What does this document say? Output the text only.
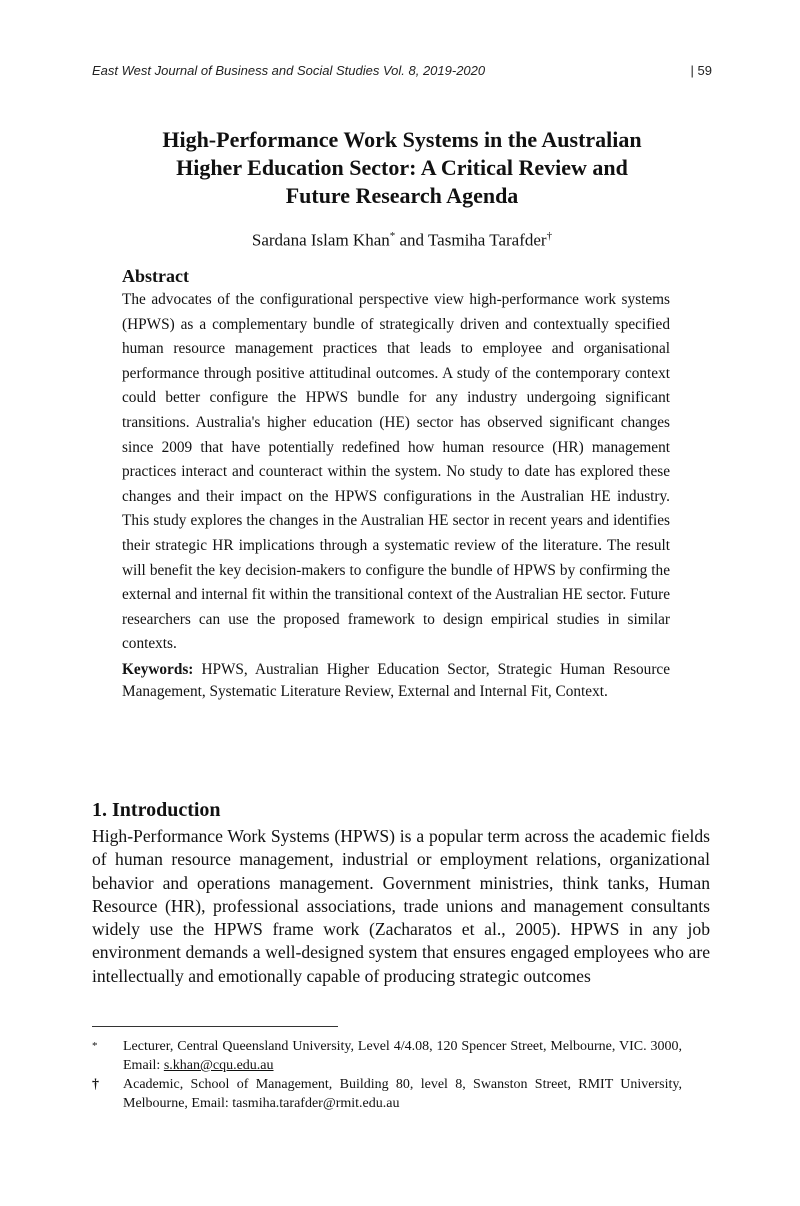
East West Journal of Business and Social Studies Vol. 8, 2019-2020	| 59
High-Performance Work Systems in the Australian
Higher Education Sector: A Critical Review and
Future Research Agenda
Sardana Islam Khan* and Tasmiha Tarafder†
Abstract

The advocates of the configurational perspective view high-performance work systems (HPWS) as a complementary bundle of strategically driven and contextually specified human resource management practices that leads to employee and organisational performance through positive attitudinal outcomes. A study of the contemporary context could better configure the HPWS bundle for any industry undergoing significant transitions. Australia's higher education (HE) sector has observed significant changes since 2009 that have potentially redefined how human resource (HR) management practices interact and counteract within the system. No study to date has explored these changes and their impact on the HPWS configurations in the Australian HE industry. This study explores the changes in the Australian HE sector in recent years and identifies their strategic HR implications through a systematic review of the literature. The result will benefit the key decision-makers to configure the bundle of HPWS by confirming the external and internal fit within the transitional context of the Australian HE sector. Future researchers can use the proposed framework to design empirical studies in similar contexts.

Keywords: HPWS, Australian Higher Education Sector, Strategic Human Resource Management, Systematic Literature Review, External and Internal Fit, Context.

1. Introduction

High-Performance Work Systems (HPWS) is a popular term across the academic fields of human resource management, industrial or employment relations, organizational behavior and operations management. Government ministries, think tanks, Human Resource (HR), professional associations, trade unions and management consultants widely use the HPWS frame work (Zacharatos et al., 2005). HPWS in any job environment demands a well-designed system that ensures engaged employees who are intellectually and emotionally capable of producing strategic outcomes

* Lecturer, Central Queensland University, Level 4/4.08, 120 Spencer Street, Melbourne, VIC. 3000, Email: s.khan@cqu.edu.au
† Academic, School of Management, Building 80, level 8, Swanston Street, RMIT University, Melbourne, Email: tasmiha.tarafder@rmit.edu.au
